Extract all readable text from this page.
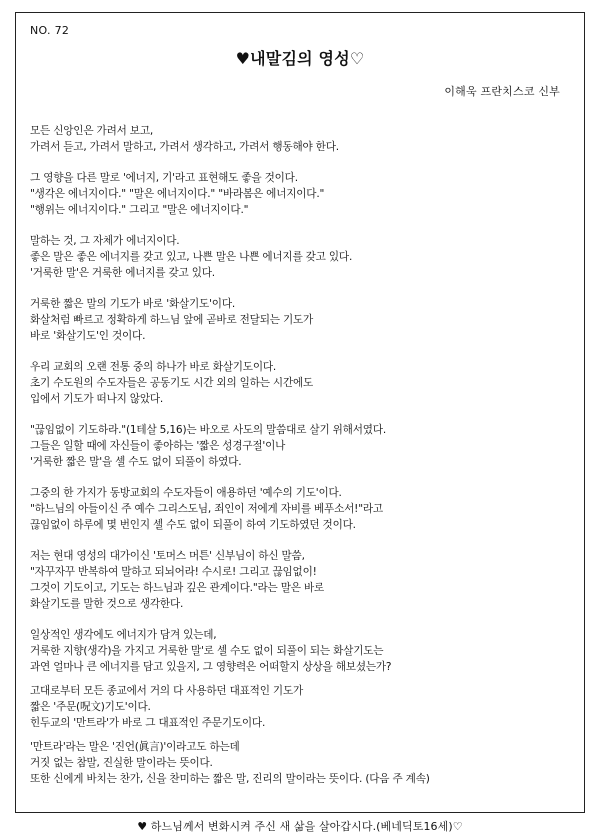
NO. 72
♥내말김의 영성♡
이해욱 프란치스코 신부

모든 신앙인은 가려서 보고,
가려서 듣고, 가려서 말하고, 가려서 생각하고, 가려서 행동해야 한다.

그 영향을 다른 말로 '에너지, 기'라고 표현해도 좋을 것이다.
"생각은 에너지이다." "말은 에너지이다." "바라봄은 에너지이다."
"행위는 에너지이다." 그리고 "말은 에너지이다."

말하는 것, 그 자체가 에너지이다.
좋은 말은 좋은 에너지를 갖고 있고, 나쁜 말은 나쁜 에너지를 갖고 있다.
'거룩한 말'은 거룩한 에너지를 갖고 있다.

거룩한 짧은 말의 기도가 바로 '화살기도'이다.
화살처럼 빠르고 정확하게 하느님 앞에 곧바로 전달되는 기도가
바로 '화살기도'인 것이다.

우리 교회의 오랜 전통 중의 하나가 바로 화살기도이다.
초기 수도원의 수도자들은 공동기도 시간 외의 일하는 시간에도
입에서 기도가 떠나지 않았다.

"끊임없이 기도하라."(1테살 5,16)는 바오로 사도의 말씀대로 살기 위해서였다.
그들은 일할 때에 자신들이 좋아하는 '짧은 성경구절'이나
'거룩한 짧은 말'을 셀 수도 없이 되풀이 하였다.

그중의 한 가지가 동방교회의 수도자들이 애용하던 '예수의 기도'이다.
"하느님의 아들이신 주 예수 그리스도님, 죄인이 저에게 자비를 베푸소서!"라고
끊임없이 하루에 몇 번인지 셀 수도 없이 되풀이 하여 기도하였던 것이다.

저는 현대 영성의 대가이신 '토머스 머튼' 신부님이 하신 말씀,
"자꾸자꾸 반복하여 말하고 되뇌어라! 수시로! 그리고 끊임없이!
그것이 기도이고, 기도는 하느님과 깊은 관계이다."라는 말은 바로
화살기도를 말한 것으로 생각한다.

일상적인 생각에도 에너지가 담겨 있는데,
거룩한 지향(생각)을 가지고 거룩한 말'로 셀 수도 없이 되풀이 되는 화살기도는
과연 얼마나 큰 에너지를 담고 있을지, 그 영향력은 어떠할지 상상을 해보셨는가?

고대로부터 모든 종교에서 거의 다 사용하던 대표적인 기도가
짧은 '주문(呪文)기도'이다.
힌두교의 '만트라'가 바로 그 대표적인 주문기도이다.

'만트라'라는 말은 '진언(眞言)'이라고도 하는데
거짓 없는 참말, 진실한 말이라는 뜻이다.
또한 신에게 바치는 찬가, 신을 찬미하는 짧은 말, 진리의 말이라는 뜻이다. (다음 주 계속)

♥ 하느님께서 변화시켜 주신 새 삶을 살아갑시다.(베네딕토16세)♡
